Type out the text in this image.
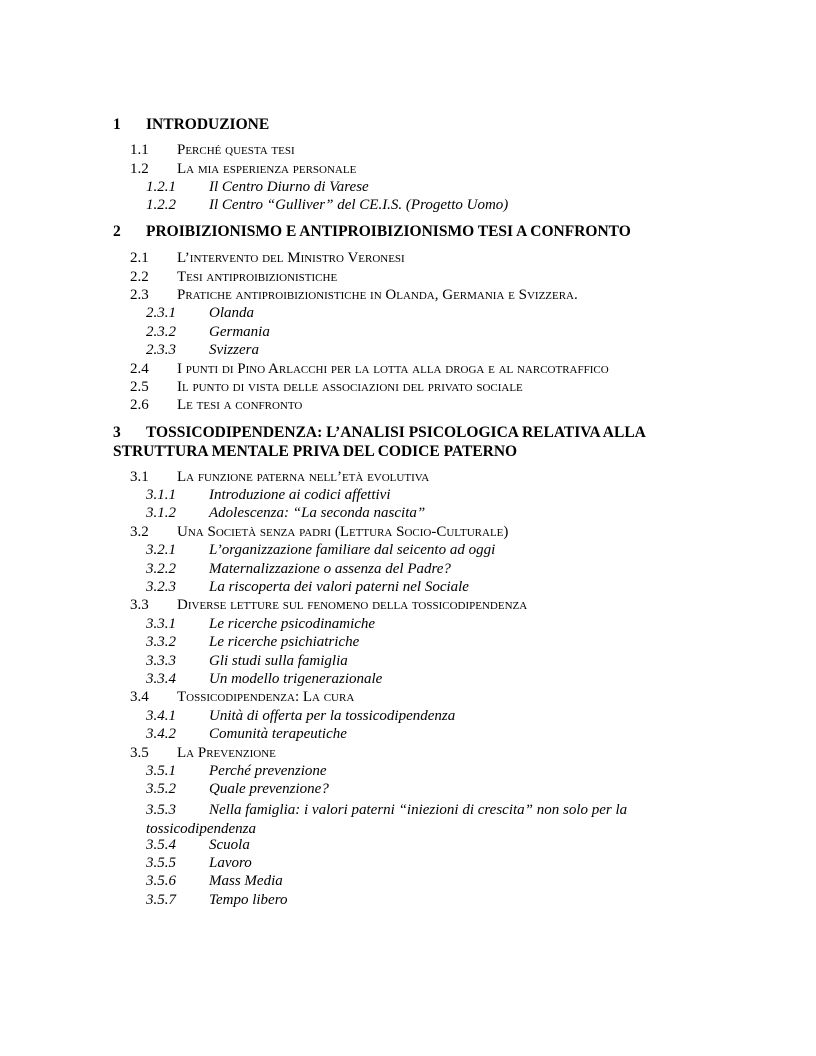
1 INTRODUZIONE
1.1 Perché questa tesi
1.2 La mia esperienza personale
1.2.1 Il Centro Diurno di Varese
1.2.2 Il Centro “Gulliver” del CE.I.S. (Progetto Uomo)
2 PROIBIZIONISMO E ANTIPROIBIZIONISMO TESI A CONFRONTO
2.1 L’intervento del Ministro Veronesi
2.2 Tesi antiproibizionistiche
2.3 Pratiche antiproibizionistiche in Olanda, Germania e Svizzera.
2.3.1 Olanda
2.3.2 Germania
2.3.3 Svizzera
2.4 I punti di Pino Arlacchi per la lotta alla droga e al narcotraffico
2.5 Il punto di vista delle associazioni del privato sociale
2.6 Le tesi a confronto
3 TOSSICODIPENDENZA: L’ANALISI PSICOLOGICA RELATIVA ALLA
STRUTTURA MENTALE PRIVA DEL CODICE PATERNO
3.1 La funzione paterna nell’età evolutiva
3.1.1 Introduzione ai codici affettivi
3.1.2 Adolescenza: “La seconda nascita”
3.2 Una Società senza padri (Lettura Socio-Culturale)
3.2.1 L’organizzazione familiare dal seicento ad oggi
3.2.2 Maternalizzazione o assenza del Padre?
3.2.3 La riscoperta dei valori paterni nel Sociale
3.3 Diverse letture sul fenomeno della tossicodipendenza
3.3.1 Le ricerche psicodinamiche
3.3.2 Le ricerche psichiatriche
3.3.3 Gli studi sulla famiglia
3.3.4 Un modello trigenerazionale
3.4 Tossicodipendenza: La cura
3.4.1 Unità di offerta per la tossicodipendenza
3.4.2 Comunità terapeutiche
3.5 La Prevenzione
3.5.1 Perché prevenzione
3.5.2 Quale prevenzione?
3.5.3 Nella famiglia: i valori paterni “iniezioni di crescita” non solo per la tossicodipendenza
3.5.4 Scuola
3.5.5 Lavoro
3.5.6 Mass Media
3.5.7 Tempo libero
